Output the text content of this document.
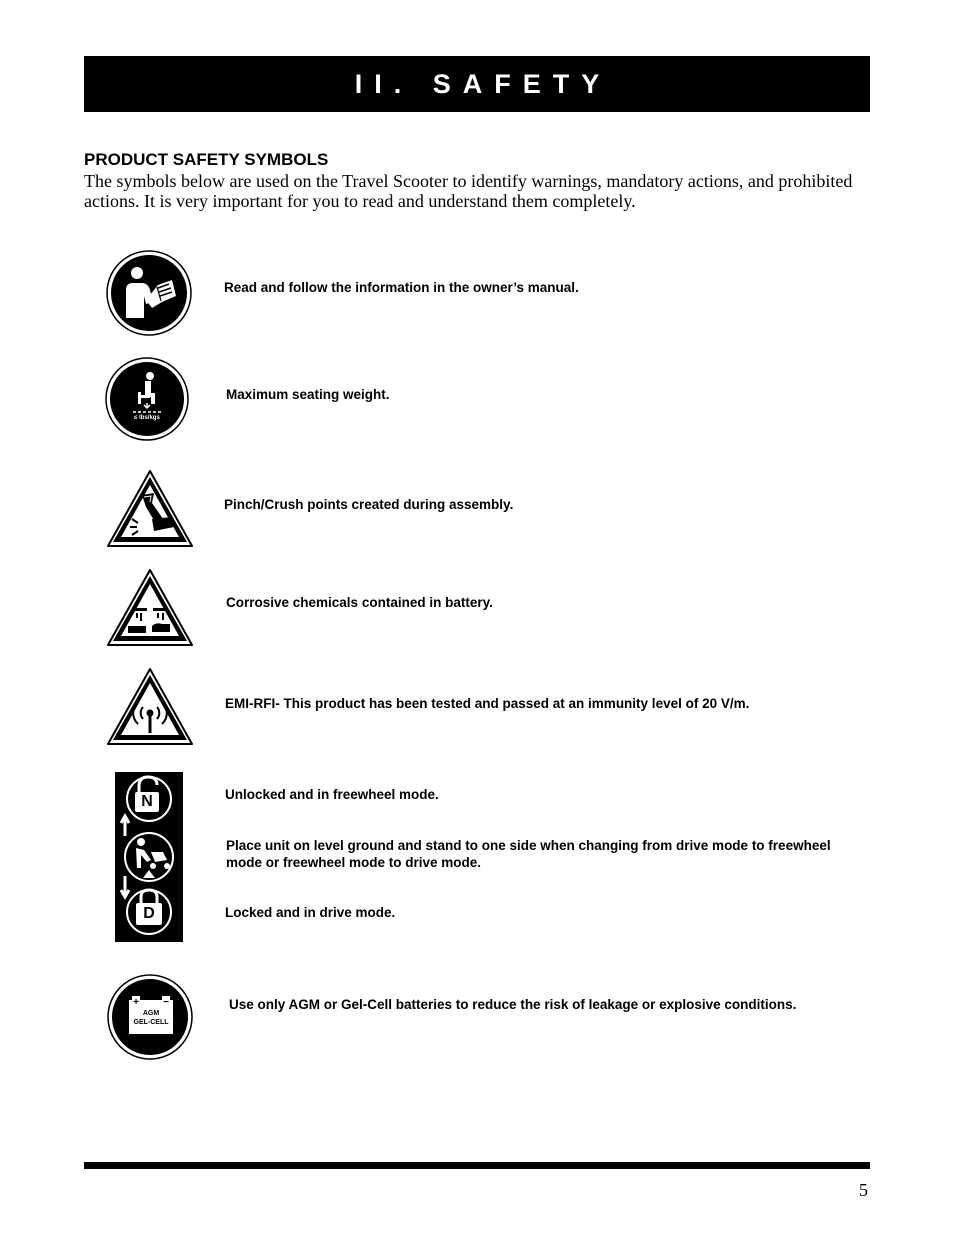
II. SAFETY
PRODUCT SAFETY SYMBOLS

The symbols below are used on the Travel Scooter to identify warnings, mandatory actions, and prohibited actions. It is very important for you to read and understand them completely.

Read and follow the information in the owner’s manual.

≤ lbs/kgs

Maximum seating weight.

Pinch/Crush points created during assembly.

Corrosive chemicals contained in battery.

EMI-RFI- This product has been tested and passed at an immunity level of 20 V/m.

N
D

Unlocked and in freewheel mode.

Place unit on level ground and stand to one side when changing from drive mode to freewheel mode or freewheel mode to drive mode.

Locked and in drive mode.

+ −
AGM
GEL-CELL

Use only AGM or Gel-Cell batteries to reduce the risk of leakage or explosive conditions.

5
